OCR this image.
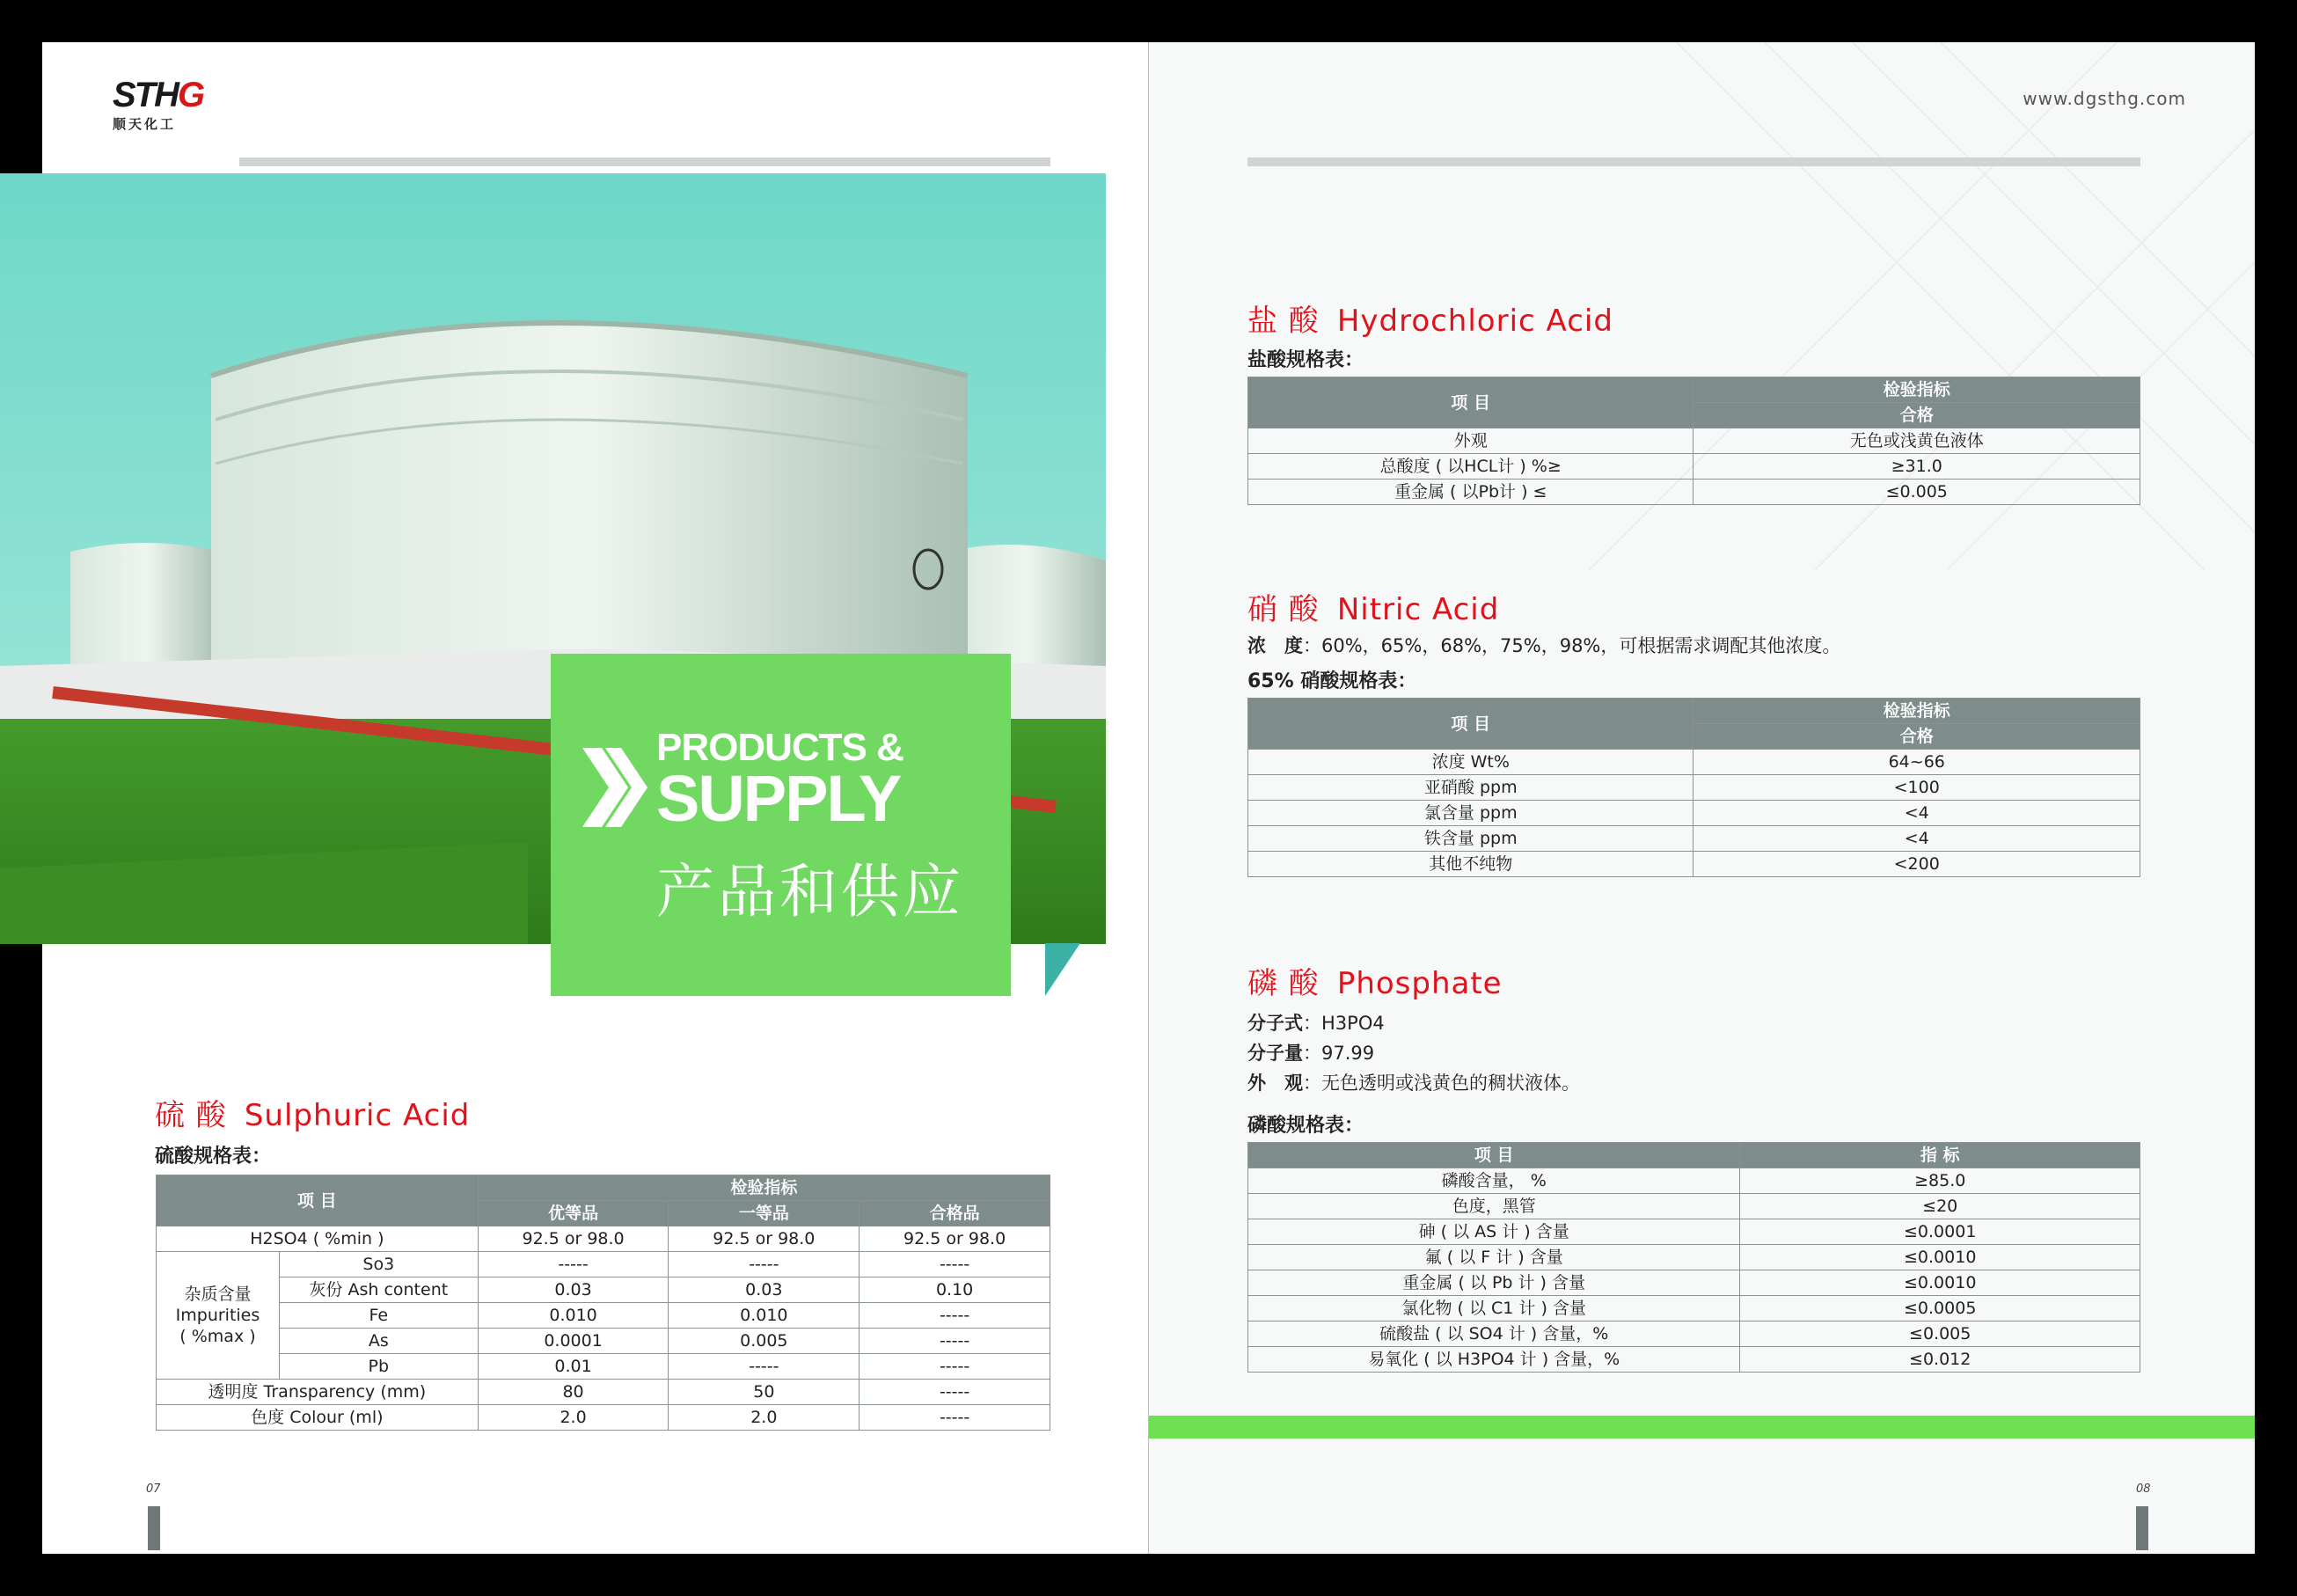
STHG
顺天化工
PRODUCTS &
SUPPLY
产品和供应
硫 酸 Sulphuric Acid
硫酸规格表：
项 目		检验指标		
		优等品	一等品	合格品
H2SO4 ( %min )		92.5 or 98.0	92.5 or 98.0	92.5 or 98.0
杂质含量
Impurities
( %max )	So3	-----	-----	-----
	灰份 Ash content	0.03	0.03	0.10
	Fe	0.010	0.010	-----
	As	0.0001	0.005	-----
	Pb	0.01	-----	-----
透明度 Transparency (mm)		80	50	-----
色度 Colour (ml)		2.0	2.0	-----
07
www.dgsthg.com
盐 酸 Hydrochloric Acid
盐酸规格表：
项 目	检验指标
	合格
外观	无色或浅黄色液体
总酸度 ( 以HCL计 ) %≥	≥31.0
重金属 ( 以Pb计 ) ≤	≤0.005
硝 酸 Nitric Acid
浓　度：60%，65%，68%，75%，98%，可根据需求调配其他浓度。
65% 硝酸规格表：
项 目	检验指标
	合格
浓度 Wt%	64~66
亚硝酸 ppm	<100
氯含量 ppm	<4
铁含量 ppm	<4
其他不纯物	<200
磷 酸 Phosphate
分子式：H3PO4
分子量：97.99
外　观：无色透明或浅黄色的稠状液体。
磷酸规格表：
项 目	指 标
磷酸含量， %	≥85.0
色度，黑管	≤20
砷 ( 以 AS 计 ) 含量	≤0.0001
氟 ( 以 F 计 ) 含量	≤0.0010
重金属 ( 以 Pb 计 ) 含量	≤0.0010
氯化物 ( 以 C1 计 ) 含量	≤0.0005
硫酸盐 ( 以 SO4 计 ) 含量，%	≤0.005
易氧化 ( 以 H3PO4 计 ) 含量，%	≤0.012
08
